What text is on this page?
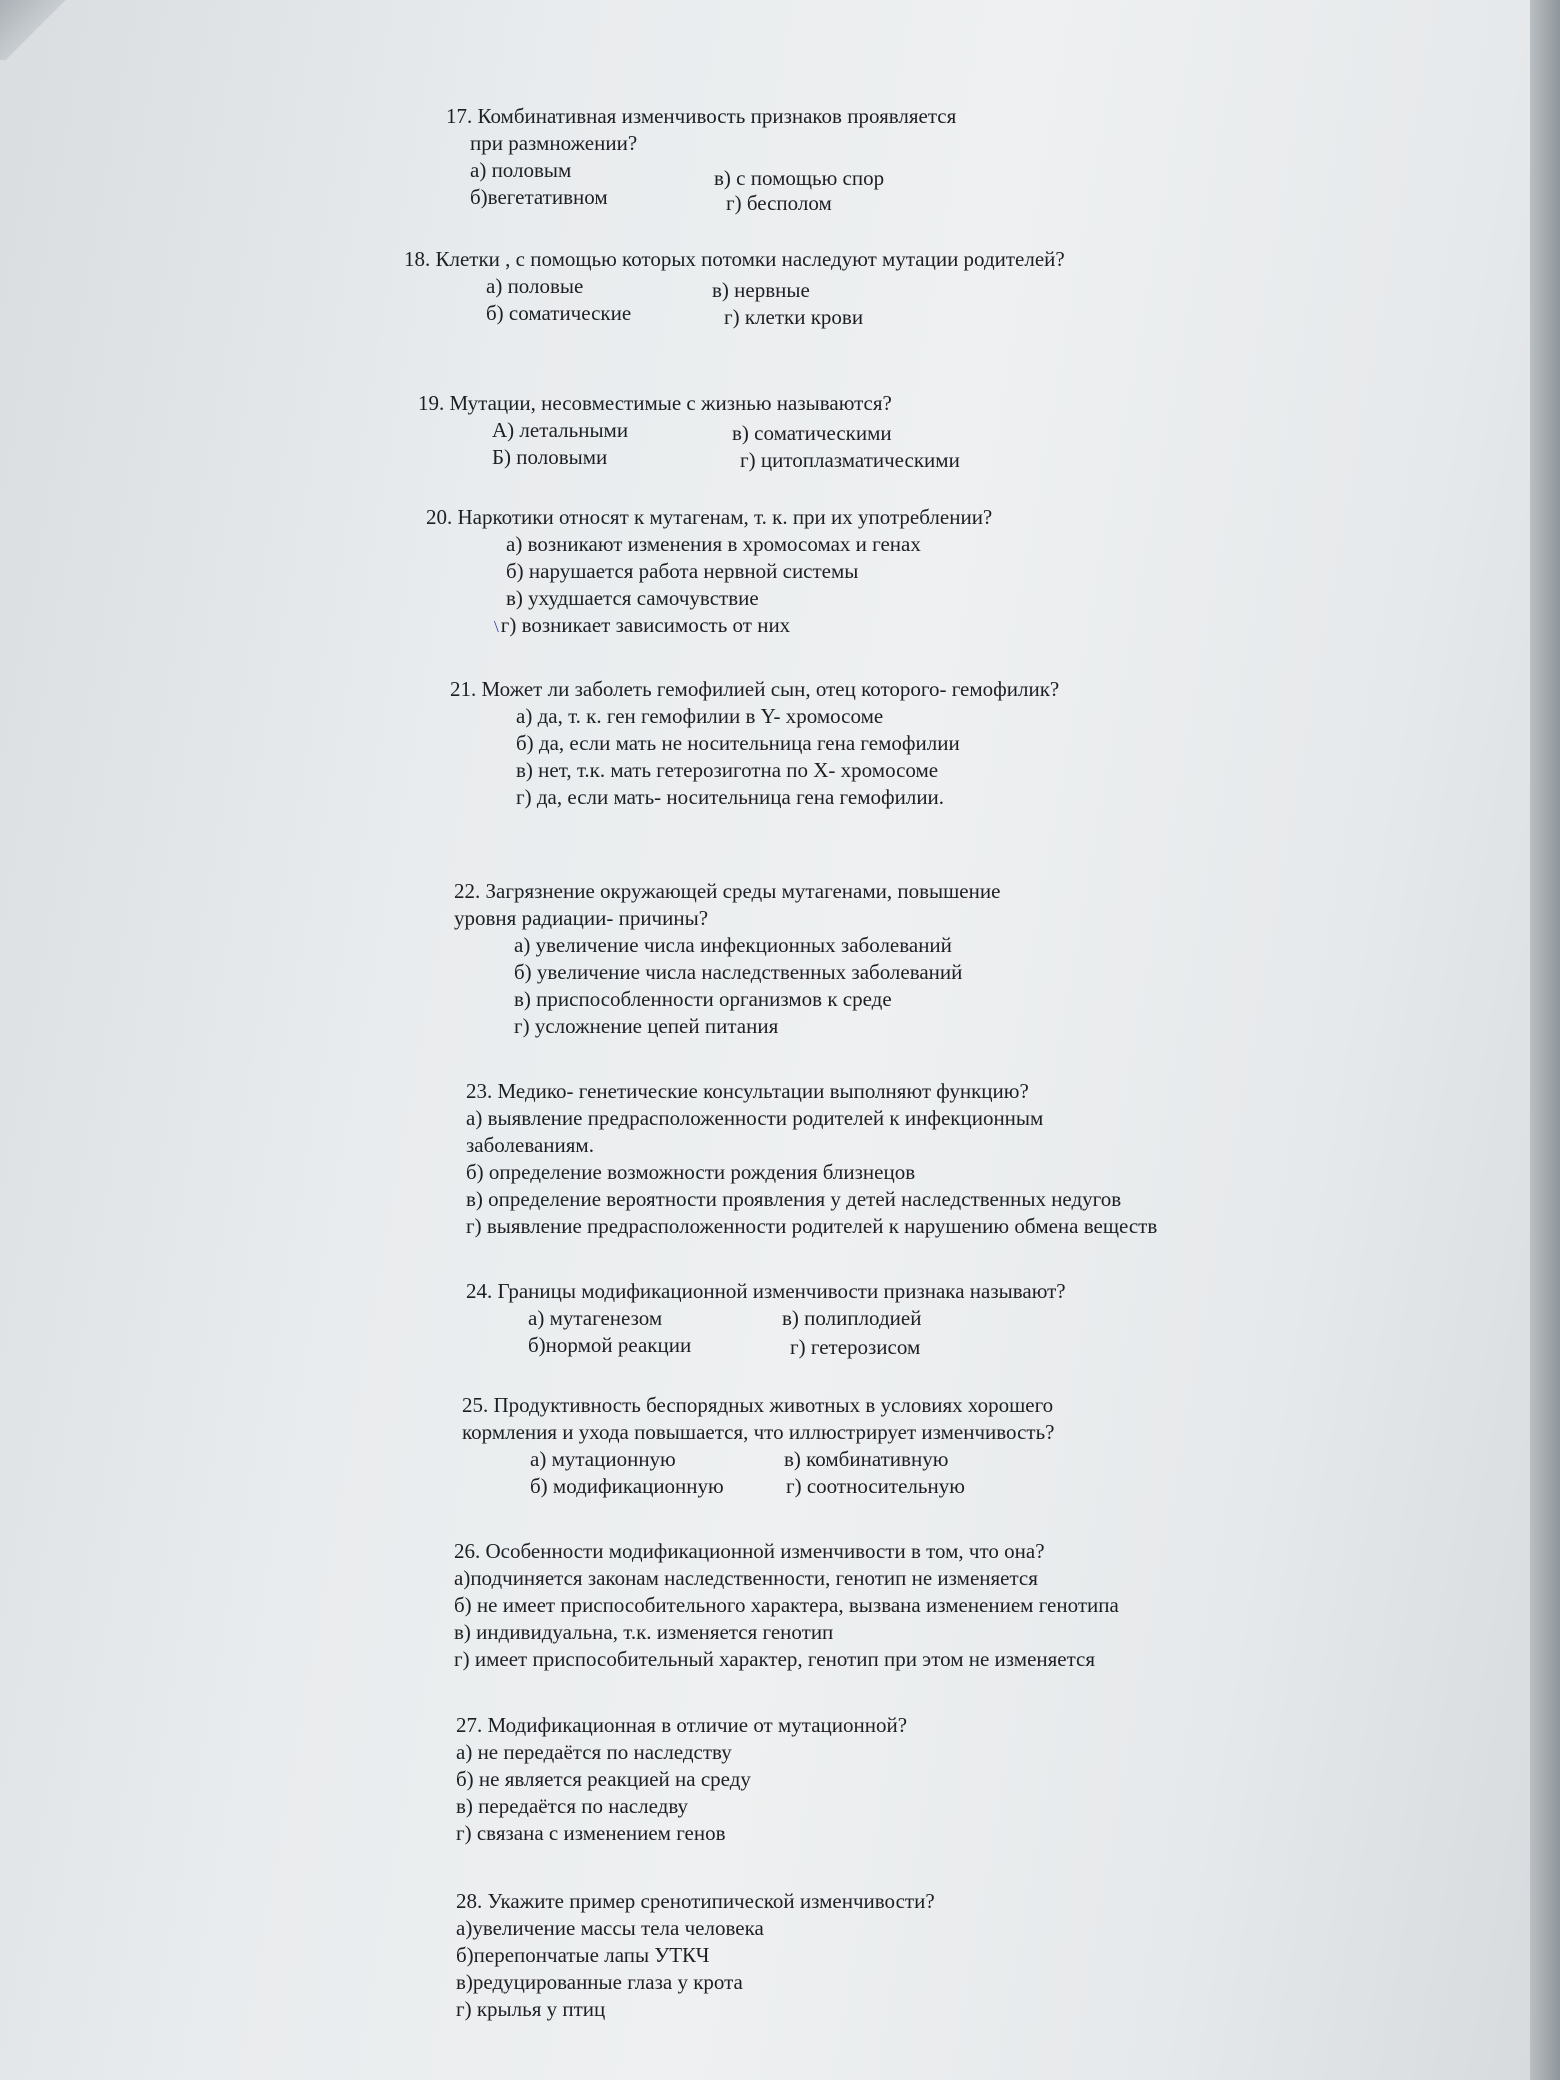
17. Комбинативная изменчивость признаков проявляется
при размножении?
а) половым	в) с помощью спор
б)вегетативном	г) бесполом
18. Клетки , с помощью которых потомки наследуют мутации родителей?
а) половые	в) нервные
б) соматические	г) клетки крови
19. Мутации, несовместимые с жизнью называются?
А) летальными	в) соматическими
Б) половыми	г) цитоплазматическими
20. Наркотики относят к мутагенам, т. к. при их употреблении?
а) возникают изменения в хромосомах и генах
б) нарушается работа нервной системы
в) ухудшается самочувствие
\г) возникает зависимость от них
21. Может ли заболеть гемофилией сын, отец которого- гемофилик?
а) да, т. к. ген гемофилии в Y- хромосоме
б) да, если мать не носительница гена гемофилии
в) нет, т.к. мать гетерозиготна по X- хромосоме
г) да, если мать- носительница гена гемофилии.
22. Загрязнение окружающей среды мутагенами, повышение
уровня радиации- причины?
а) увеличение числа инфекционных заболеваний
б) увеличение числа наследственных заболеваний
в) приспособленности организмов к среде
г) усложнение цепей питания
23. Медико- генетические консультации выполняют функцию?
а) выявление предрасположенности родителей к инфекционным
заболеваниям.
б) определение возможности рождения близнецов
в) определение вероятности проявления у детей наследственных недугов
г) выявление предрасположенности родителей к нарушению обмена веществ
24. Границы модификационной изменчивости признака называют?
а) мутагенезом	в) полиплодией
б)нормой реакции	г) гетерозисом
25. Продуктивность беспорядных животных в условиях хорошего
кормления и ухода повышается, что иллюстрирует изменчивость?
а) мутационную	в) комбинативную
б) модификационную	г) соотносительную
26. Особенности модификационной изменчивости в том, что она?
а)подчиняется законам наследственности, генотип не изменяется
б) не имеет приспособительного характера, вызвана изменением генотипа
в) индивидуальна, т.к. изменяется генотип
г) имеет приспособительный характер, генотип при этом не изменяется
27. Модификационная в отличие от мутационной?
а) не передаётся по наследству
б) не является реакцией на среду
в) передаётся по наследву
г) связана с изменением генов
28. Укажите пример сренотипической изменчивости?
а)увеличение массы тела человека
б)перепончатые лапы УТКЧ
в)редуцированные глаза у крота
г) крылья у птиц
